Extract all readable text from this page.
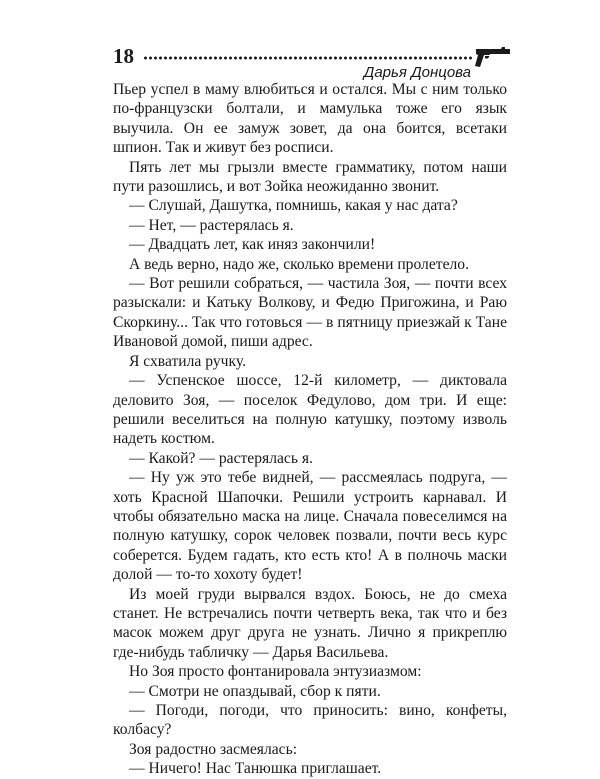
18
Дарья Донцова

Пьер успел в маму влюбиться и остался. Мы с ним только по-французски болтали, и мамулька тоже его язык выучила. Он ее замуж зовет, да она боится, всетаки шпион. Так и живут без росписи.

Пять лет мы грызли вместе грамматику, потом наши пути разошлись, и вот Зойка неожиданно звонит.

— Слушай, Дашутка, помнишь, какая у нас дата?

— Нет, — растерялась я.

— Двадцать лет, как иняз закончили!

А ведь верно, надо же, сколько времени пролетело.

— Вот решили собраться, — частила Зоя, — почти всех разыскали: и Катьку Волкову, и Федю Пригожина, и Раю Скоркину... Так что готовься — в пятницу приезжай к Тане Ивановой домой, пиши адрес.

Я схватила ручку.

— Успенское шоссе, 12-й километр, — диктовала деловито Зоя, — поселок Федулово, дом три. И еще: решили веселиться на полную катушку, поэтому изволь надеть костюм.

— Какой? — растерялась я.

— Ну уж это тебе видней, — рассмеялась подруга, — хоть Красной Шапочки. Решили устроить карнавал. И чтобы обязательно маска на лице. Сначала повеселимся на полную катушку, сорок человек позвали, почти весь курс соберется. Будем гадать, кто есть кто! А в полночь маски долой — то-то хохоту будет!

Из моей груди вырвался вздох. Боюсь, не до смеха станет. Не встречались почти четверть века, так что и без масок можем друг друга не узнать. Лично я прикреплю где-нибудь табличку — Дарья Васильева.

Но Зоя просто фонтанировала энтузиазмом:

— Смотри не опаздывай, сбор к пяти.

— Погоди, погоди, что приносить: вино, конфеты, колбасу?

Зоя радостно засмеялась:

— Ничего! Нас Танюшка приглашает.
